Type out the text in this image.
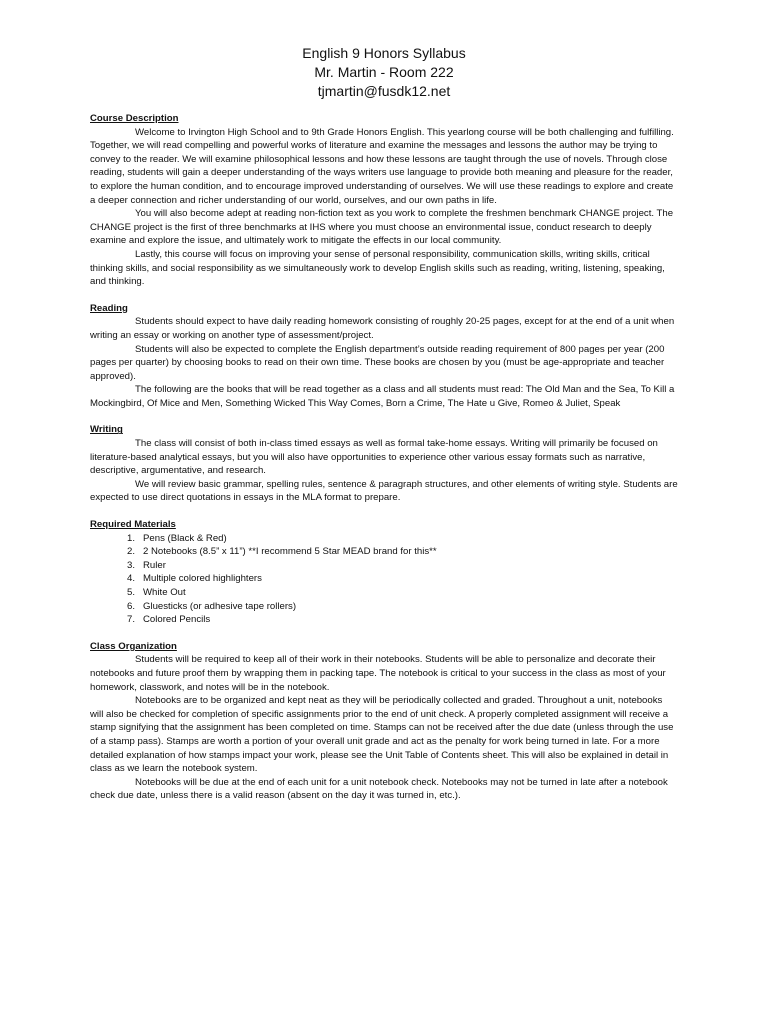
English 9 Honors Syllabus
Mr. Martin - Room 222
tjmartin@fusdk12.net
Course Description

Welcome to Irvington High School and to 9th Grade Honors English. This yearlong course will be both challenging and fulfilling. Together, we will read compelling and powerful works of literature and examine the messages and lessons the author may be trying to convey to the reader. We will examine philosophical lessons and how these lessons are taught through the use of novels. Through close reading, students will gain a deeper understanding of the ways writers use language to provide both meaning and pleasure for the reader, to explore the human condition, and to encourage improved understanding of ourselves. We will use these readings to explore and create a deeper connection and richer understanding of our world, ourselves, and our own paths in life.

You will also become adept at reading non-fiction text as you work to complete the freshmen benchmark CHANGE project. The CHANGE project is the first of three benchmarks at IHS where you must choose an environmental issue, conduct research to deeply examine and explore the issue, and ultimately work to mitigate the effects in our local community.

Lastly, this course will focus on improving your sense of personal responsibility, communication skills, writing skills, critical thinking skills, and social responsibility as we simultaneously work to develop English skills such as reading, writing, listening, speaking, and thinking.

Reading

Students should expect to have daily reading homework consisting of roughly 20-25 pages, except for at the end of a unit when writing an essay or working on another type of assessment/project.

Students will also be expected to complete the English department’s outside reading requirement of 800 pages per year (200 pages per quarter) by choosing books to read on their own time. These books are chosen by you (must be age-appropriate and teacher approved).

The following are the books that will be read together as a class and all students must read: The Old Man and the Sea, To Kill a Mockingbird, Of Mice and Men, Something Wicked This Way Comes, Born a Crime, The Hate u Give, Romeo & Juliet, Speak

Writing

The class will consist of both in-class timed essays as well as formal take-home essays. Writing will primarily be focused on literature-based analytical essays, but you will also have opportunities to experience other various essay formats such as narrative, descriptive, argumentative, and research.

We will review basic grammar, spelling rules, sentence & paragraph structures, and other elements of writing style. Students are expected to use direct quotations in essays in the MLA format to prepare.

Required Materials
1. Pens (Black & Red)
2. 2 Notebooks (8.5” x 11”) **I recommend 5 Star MEAD brand for this**
3. Ruler
4. Multiple colored highlighters
5. White Out
6. Gluesticks (or adhesive tape rollers)
7. Colored Pencils
Class Organization

Students will be required to keep all of their work in their notebooks. Students will be able to personalize and decorate their notebooks and future proof them by wrapping them in packing tape. The notebook is critical to your success in the class as most of your homework, classwork, and notes will be in the notebook.

Notebooks are to be organized and kept neat as they will be periodically collected and graded. Throughout a unit, notebooks will also be checked for completion of specific assignments prior to the end of unit check. A properly completed assignment will receive a stamp signifying that the assignment has been completed on time. Stamps can not be received after the due date (unless through the use of a stamp pass). Stamps are worth a portion of your overall unit grade and act as the penalty for work being turned in late. For a more detailed explanation of how stamps impact your work, please see the Unit Table of Contents sheet. This will also be explained in detail in class as we learn the notebook system.

Notebooks will be due at the end of each unit for a unit notebook check. Notebooks may not be turned in late after a notebook check due date, unless there is a valid reason (absent on the day it was turned in, etc.).
